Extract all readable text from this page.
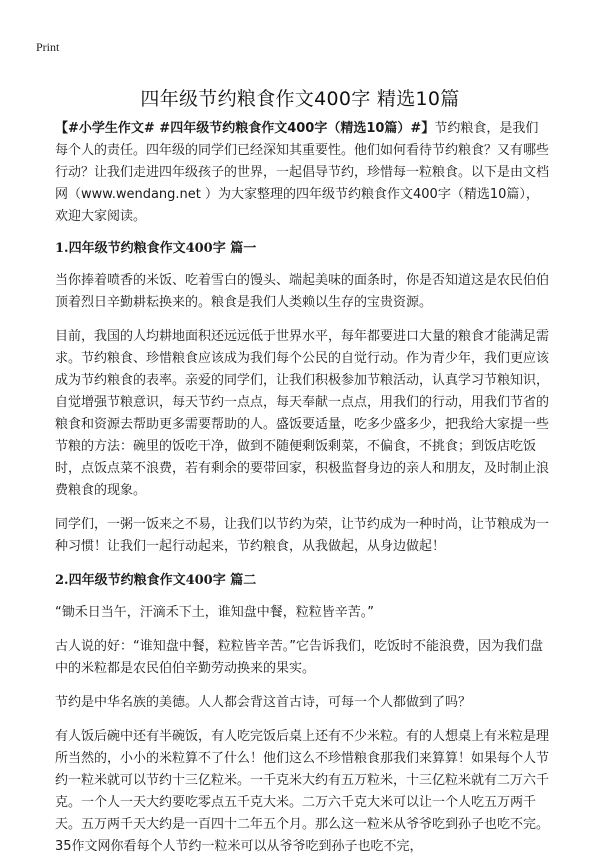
Print
四年级节约粮食作文400字 精选10篇

【#小学生作文# #四年级节约粮食作文400字（精选10篇）#】节约粮食，是我们每个人的责任。四年级的同学们已经深知其重要性。他们如何看待节约粮食？又有哪些行动？让我们走进四年级孩子的世界，一起倡导节约，珍惜每一粒粮食。以下是由文档网（www.wendang.net ）为大家整理的四年级节约粮食作文400字（精选10篇），欢迎大家阅读。

1.四年级节约粮食作文400字 篇一

当你捧着喷香的米饭、吃着雪白的馒头、端起美味的面条时，你是否知道这是农民伯伯顶着烈日辛勤耕耘换来的。粮食是我们人类赖以生存的宝贵资源。

目前，我国的人均耕地面积还远远低于世界水平，每年都要进口大量的粮食才能满足需求。节约粮食、珍惜粮食应该成为我们每个公民的自觉行动。作为青少年，我们更应该成为节约粮食的表率。亲爱的同学们，让我们积极参加节粮活动，认真学习节粮知识，自觉增强节粮意识，每天节约一点点，每天奉献一点点，用我们的行动，用我们节省的粮食和资源去帮助更多需要帮助的人。盛饭要适量，吃多少盛多少，把我给大家提一些节粮的方法：碗里的饭吃干净，做到不随便剩饭剩菜，不偏食，不挑食；到饭店吃饭时，点饭点菜不浪费，若有剩余的要带回家，积极监督身边的亲人和朋友，及时制止浪费粮食的现象。

同学们，一粥一饭来之不易，让我们以节约为荣，让节约成为一种时尚，让节粮成为一种习惯！让我们一起行动起来，节约粮食，从我做起，从身边做起！

2.四年级节约粮食作文400字 篇二

“锄禾日当午，汗滴禾下土，谁知盘中餐，粒粒皆辛苦。”

古人说的好：“谁知盘中餐，粒粒皆辛苦。”它告诉我们，吃饭时不能浪费，因为我们盘中的米粒都是农民伯伯辛勤劳动换来的果实。

节约是中华名族的美德。人人都会背这首古诗，可每一个人都做到了吗？

有人饭后碗中还有半碗饭，有人吃完饭后桌上还有不少米粒。有的人想桌上有米粒是理所当然的，小小的米粒算不了什么！他们这么不珍惜粮食那我们来算算！如果每个人节约一粒米就可以节约十三亿粒米。一千克米大约有五万粒米，十三亿粒米就有二万六千克。一个人一天大约要吃零点五千克大米。二万六千克大米可以让一个人吃五万两千天。五万两千天大约是一百四十二年五个月。那么这一粒米从爷爷吃到孙子也吃不完。35作文网你看每个人节约一粒米可以从爷爷吃到孙子也吃不完，
